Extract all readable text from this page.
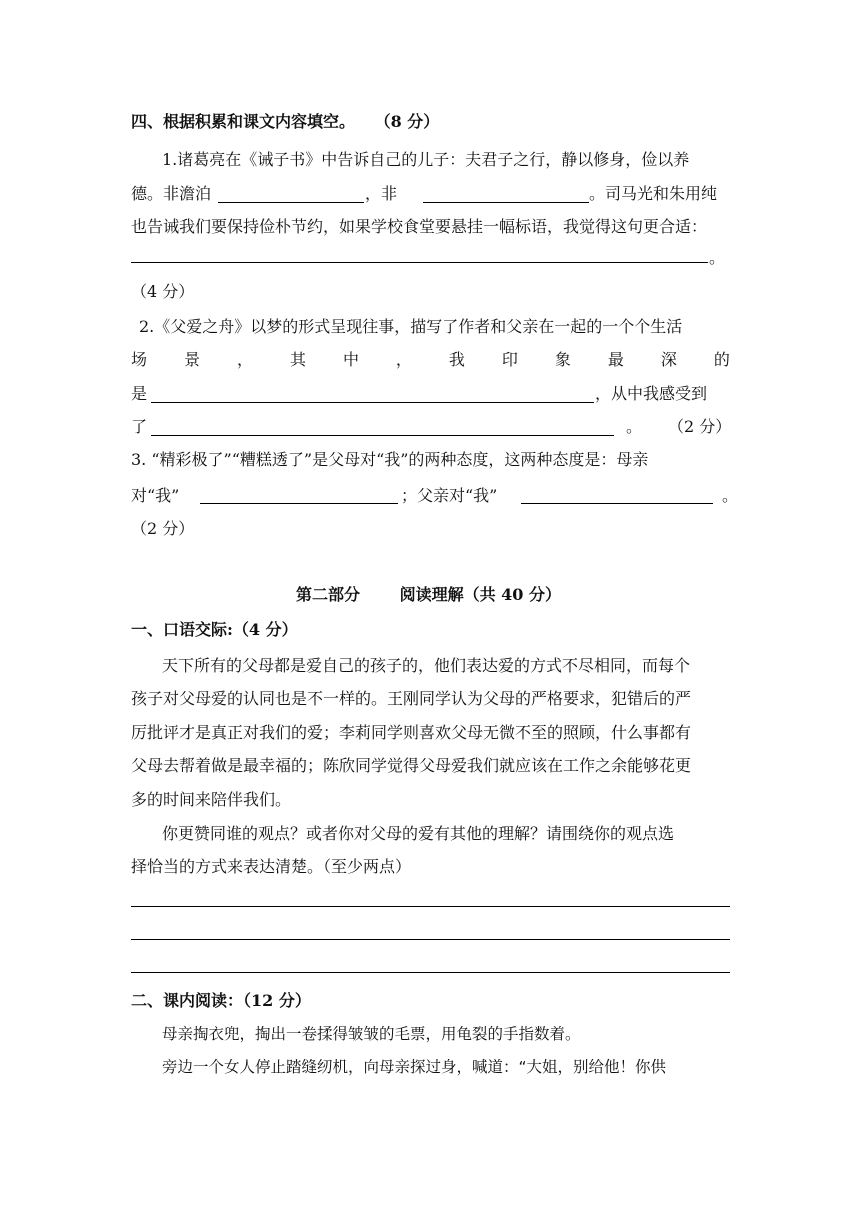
四、根据积累和课文内容填空。 （8 分）
1.诸葛亮在《诫子书》中告诉自己的儿子：夫君子之行，静以修身，俭以养
德。非澹泊	，非	。司马光和朱用纯
也告诫我们要保持俭朴节约，如果学校食堂要悬挂一幅标语，我觉得这句更合适：
。
（4 分）
2.《父爱之舟》以梦的形式呈现往事，描写了作者和父亲在一起的一个个生活
场 景 ， 其 中 ， 我 印 象 最 深 的
是	，从中我感受到
了	。 （2 分）
3. “精彩极了”“糟糕透了”是父母对“我”的两种态度，这两种态度是：母亲
对“我”	；父亲对“我”	。
（2 分）
第二部分 阅读理解（共 40 分）
一、口语交际:（4 分）
天下所有的父母都是爱自己的孩子的，他们表达爱的方式不尽相同，而每个
孩子对父母爱的认同也是不一样的。王刚同学认为父母的严格要求，犯错后的严
厉批评才是真正对我们的爱；李莉同学则喜欢父母无微不至的照顾，什么事都有
父母去帮着做是最幸福的；陈欣同学觉得父母爱我们就应该在工作之余能够花更
多的时间来陪伴我们。
你更赞同谁的观点？或者你对父母的爱有其他的理解？请围绕你的观点选
择恰当的方式来表达清楚。（至少两点）
二、课内阅读：（12 分）
母亲掏衣兜，掏出一卷揉得皱皱的毛票，用龟裂的手指数着。
旁边一个女人停止踏缝纫机，向母亲探过身，喊道：“大姐，别给他！你供
